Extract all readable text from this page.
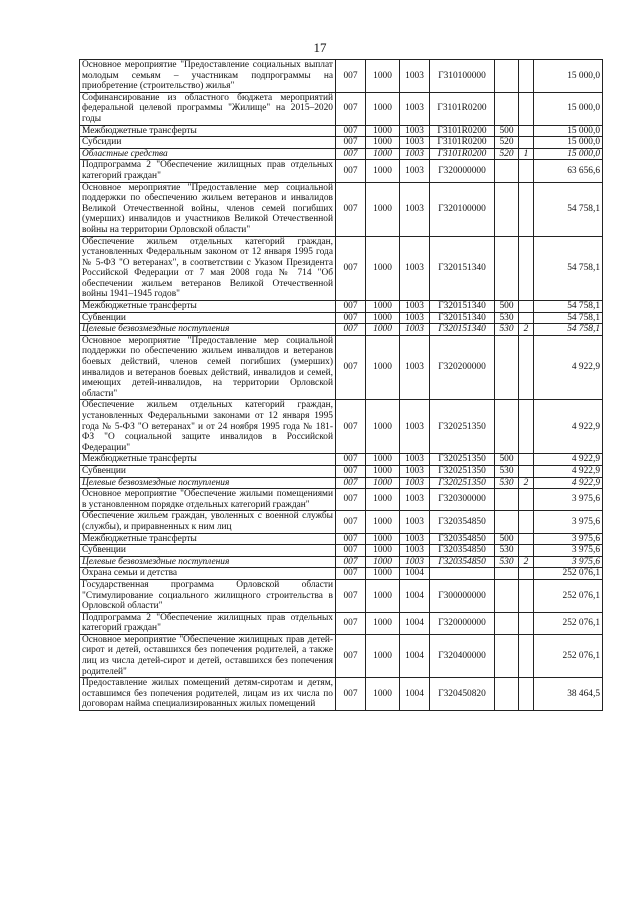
17
Основное мероприятие "Предоставление социальных выплат молодым семьям – участникам подпрограммы на приобретение (строительство) жилья"	007	1000	1003	Г310100000			15 000,0
Софинансирование из областного бюджета мероприятий федеральной целевой программы "Жилище" на 2015–2020 годы	007	1000	1003	Г3101R0200			15 000,0
Межбюджетные трансферты	007	1000	1003	Г3101R0200	500		15 000,0
Субсидии	007	1000	1003	Г3101R0200	520		15 000,0
Областные средства	007	1000	1003	Г3101R0200	520	1	15 000,0
Подпрограмма 2 "Обеспечение жилищных прав отдельных категорий граждан"	007	1000	1003	Г320000000			63 656,6
Основное мероприятие "Предоставление мер социальной поддержки по обеспечению жильем ветеранов и инвалидов Великой Отечественной войны, членов семей погибших (умерших) инвалидов и участников Великой Отечественной войны на территории Орловской области"	007	1000	1003	Г320100000			54 758,1
Обеспечение жильем отдельных категорий граждан, установленных Федеральным законом от 12 января 1995 года № 5-ФЗ "О ветеранах", в соответствии с Указом Президента Российской Федерации от 7 мая 2008 года № 714 "Об обеспечении жильем ветеранов Великой Отечественной войны 1941–1945 годов"	007	1000	1003	Г320151340			54 758,1
Межбюджетные трансферты	007	1000	1003	Г320151340	500		54 758,1
Субвенции	007	1000	1003	Г320151340	530		54 758,1
Целевые безвозмездные поступления	007	1000	1003	Г320151340	530	2	54 758,1
Основное мероприятие "Предоставление мер социальной поддержки по обеспечению жильем инвалидов и ветеранов боевых действий, членов семей погибших (умерших) инвалидов и ветеранов боевых действий, инвалидов и семей, имеющих детей-инвалидов, на территории Орловской области"	007	1000	1003	Г320200000			4 922,9
Обеспечение жильем отдельных категорий граждан, установленных Федеральными законами от 12 января 1995 года № 5-ФЗ "О ветеранах" и от 24 ноября 1995 года № 181-ФЗ "О социальной защите инвалидов в Российской Федерации"	007	1000	1003	Г320251350			4 922,9
Межбюджетные трансферты	007	1000	1003	Г320251350	500		4 922,9
Субвенции	007	1000	1003	Г320251350	530		4 922,9
Целевые безвозмездные поступления	007	1000	1003	Г320251350	530	2	4 922,9
Основное мероприятие "Обеспечение жилыми помещениями в установленном порядке отдельных категорий граждан"	007	1000	1003	Г320300000			3 975,6
Обеспечение жильем граждан, уволенных с военной службы (службы), и приравненных к ним лиц	007	1000	1003	Г320354850			3 975,6
Межбюджетные трансферты	007	1000	1003	Г320354850	500		3 975,6
Субвенции	007	1000	1003	Г320354850	530		3 975,6
Целевые безвозмездные поступления	007	1000	1003	Г320354850	530	2	3 975,6
Охрана семьи и детства	007	1000	1004				252 076,1
Государственная программа Орловской области "Стимулирование социального жилищного строительства в Орловской области"	007	1000	1004	Г300000000			252 076,1
Подпрограмма 2 "Обеспечение жилищных прав отдельных категорий граждан"	007	1000	1004	Г320000000			252 076,1
Основное мероприятие "Обеспечение жилищных прав детей-сирот и детей, оставшихся без попечения родителей, а также лиц из числа детей-сирот и детей, оставшихся без попечения родителей"	007	1000	1004	Г320400000			252 076,1
Предоставление жилых помещений детям-сиротам и детям, оставшимся без попечения родителей, лицам из их числа по договорам найма специализированных жилых помещений	007	1000	1004	Г320450820			38 464,5
